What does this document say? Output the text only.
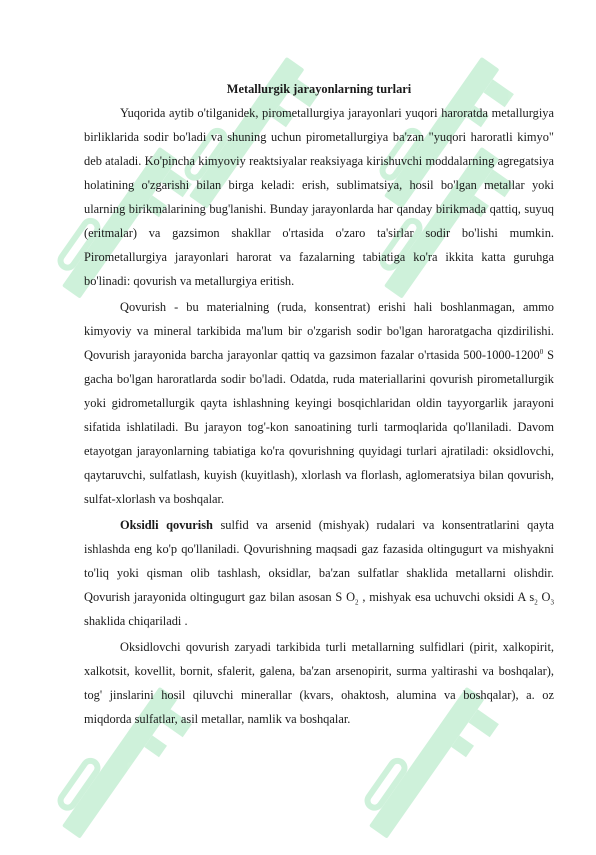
Metallurgik jarayonlarning turlari

Yuqorida aytib o'tilganidek, pirometallurgiya jarayonlari yuqori haroratda metallurgiya birliklarida sodir bo'ladi va shuning uchun pirometallurgiya ba'zan "yuqori haroratli kimyo" deb ataladi. Ko'pincha kimyoviy reaktsiyalar reaksiyaga kirishuvchi moddalarning agregatsiya holatining o'zgarishi bilan birga keladi: erish, sublimatsiya, hosil bo'lgan metallar yoki ularning birikmalarining bug'lanishi. Bunday jarayonlarda har qanday birikmada qattiq, suyuq (eritmalar) va gazsimon shakllar o'rtasida o'zaro ta'sirlar sodir bo'lishi mumkin. Pirometallurgiya jarayonlari harorat va fazalarning tabiatiga ko'ra ikkita katta guruhga bo'linadi: qovurish va metallurgiya eritish.

Qovurish - bu materialning (ruda, konsentrat) erishi hali boshlanmagan, ammo kimyoviy va mineral tarkibida ma'lum bir o'zgarish sodir bo'lgan haroratgacha qizdirilishi. Qovurish jarayonida barcha jarayonlar qattiq va gazsimon fazalar o'rtasida 500-1000-1200$^0$ S gacha bo'lgan haroratlarda sodir bo'ladi. Odatda, ruda materiallarini qovurish pirometallurgik yoki gidrometallurgik qayta ishlashning keyingi bosqichlaridan oldin tayyorgarlik jarayoni sifatida ishlatiladi. Bu jarayon tog'-kon sanoatining turli tarmoqlarida qo'llaniladi. Davom etayotgan jarayonlarning tabiatiga ko'ra qovurishning quyidagi turlari ajratiladi: oksidlovchi, qaytaruvchi, sulfatlash, kuyish (kuyitlash), xlorlash va florlash, aglomeratsiya bilan qovurish, sulfat-xlorlash va boshqalar.

Oksidli qovurish sulfid va arsenid (mishyak) rudalari va konsentratlarini qayta ishlashda eng ko'p qo'llaniladi. Qovurishning maqsadi gaz fazasida oltingugurt va mishyakni to'liq yoki qisman olib tashlash, oksidlar, ba'zan sulfatlar shaklida metallarni olishdir. Qovurish jarayonida oltingugurt gaz bilan asosan S $O_2$ , mishyak esa uchuvchi oksidi A $s_2$ $O_3$ shaklida chiqariladi .

Oksidlovchi qovurish zaryadi tarkibida turli metallarning sulfidlari (pirit, xalkopirit, xalkotsit, kovellit, bornit, sfalerit, galena, ba'zan arsenopirit, surma yaltirashi va boshqalar), tog' jinslarini hosil qiluvchi minerallar (kvars, ohaktosh, alumina va boshqalar), a. oz miqdorda sulfatlar, asil metallar, namlik va boshqalar.
